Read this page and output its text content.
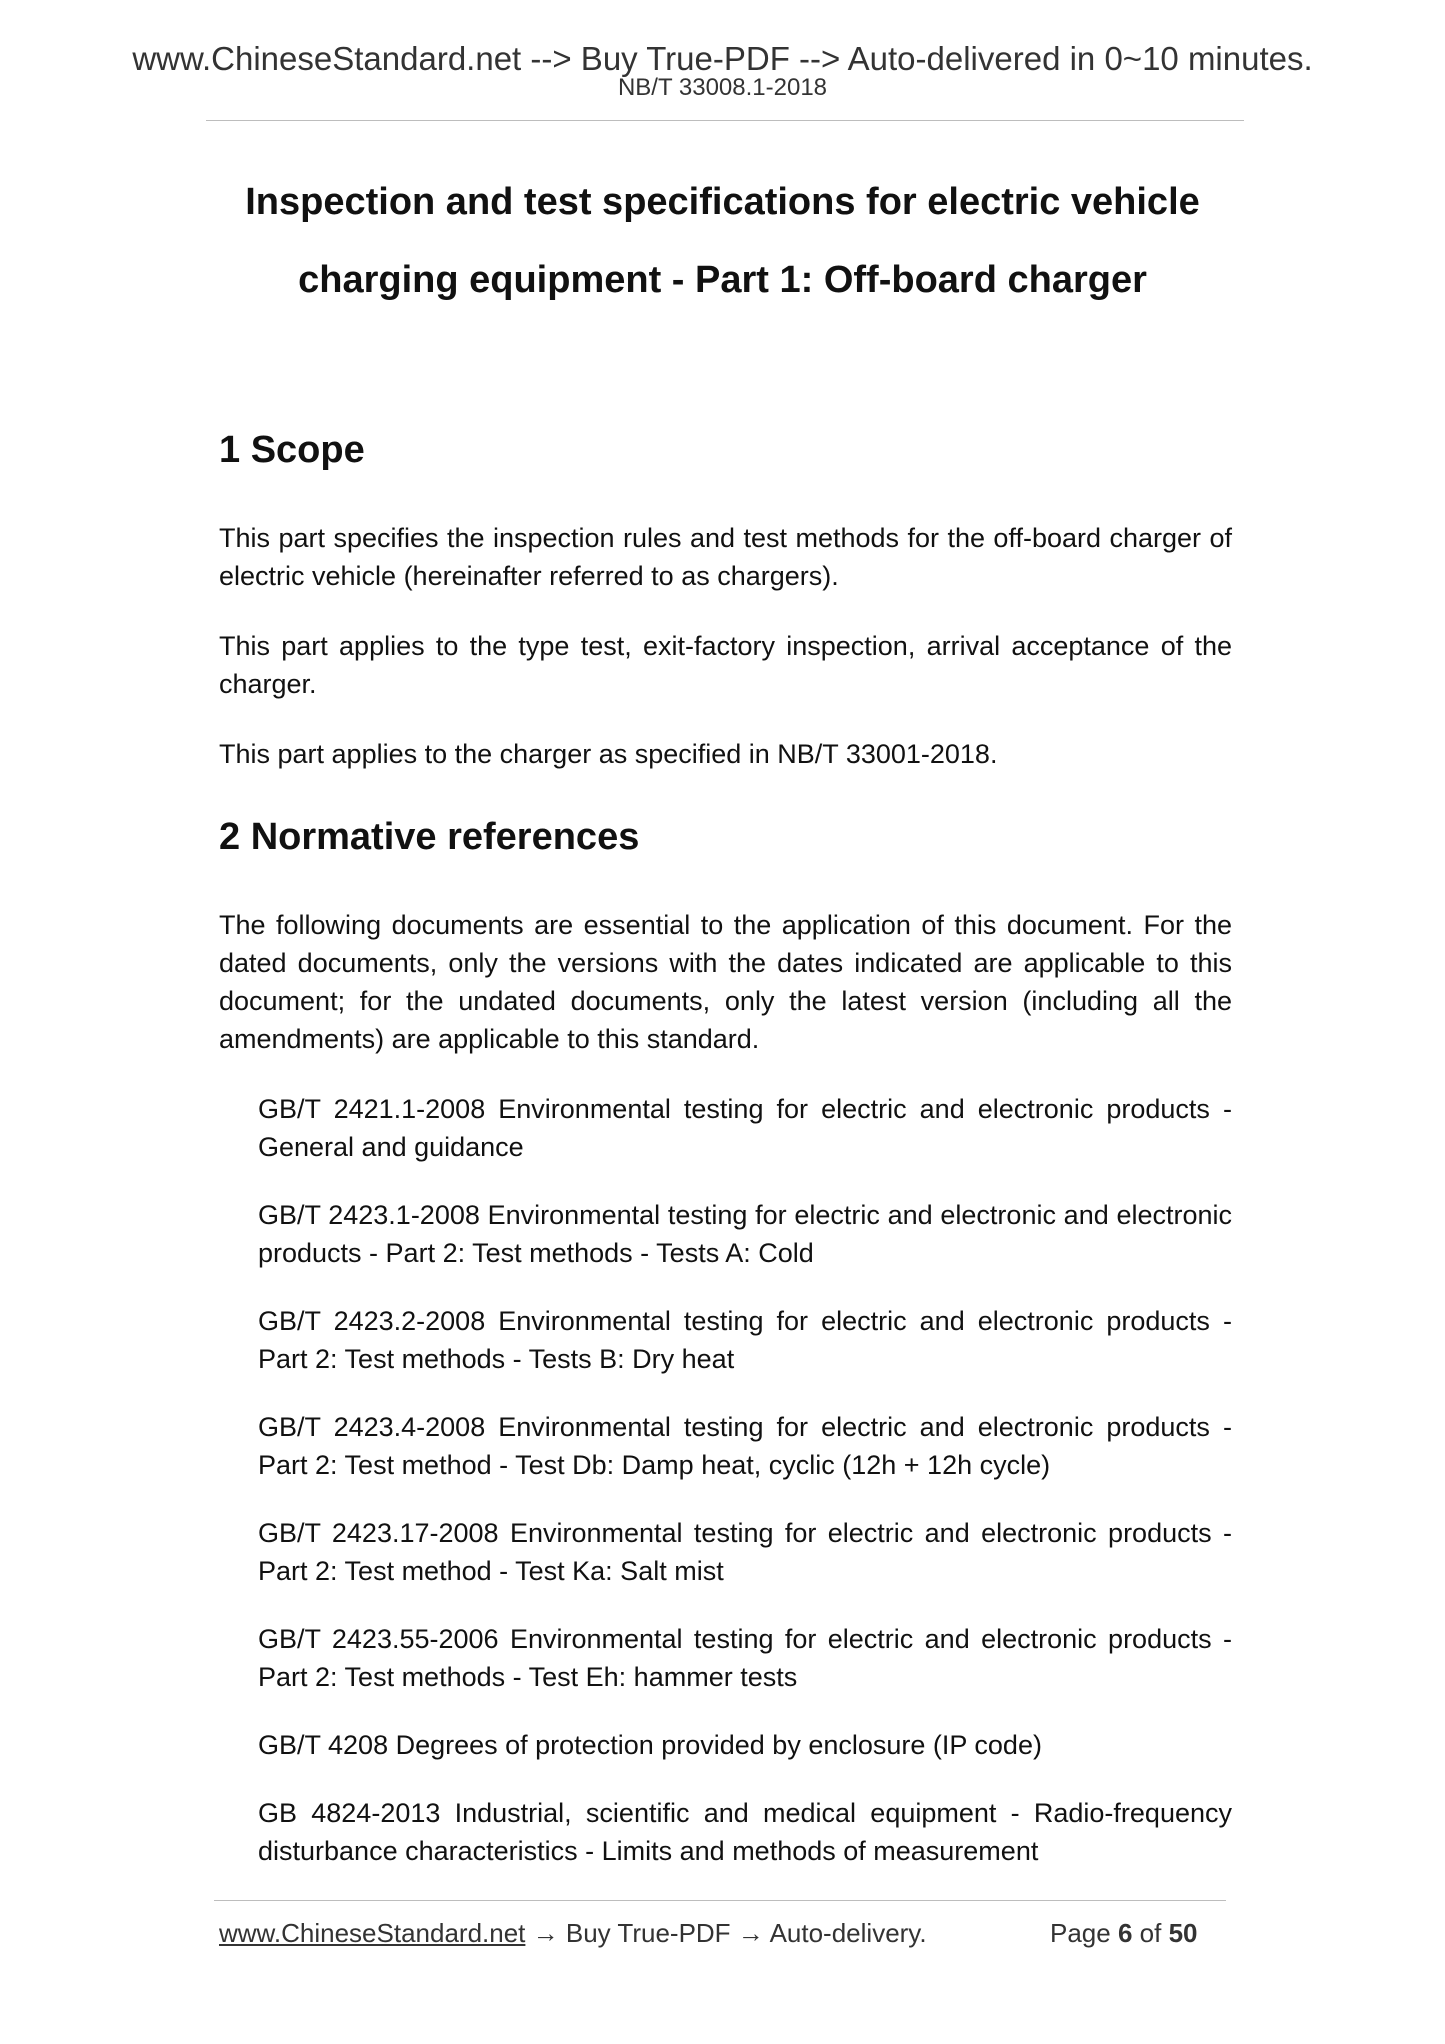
www.ChineseStandard.net --> Buy True-PDF --> Auto-delivered in 0~10 minutes.
NB/T 33008.1-2018
Inspection and test specifications for electric vehicle
charging equipment - Part 1: Off-board charger
1 Scope
This part specifies the inspection rules and test methods for the off-board charger of electric vehicle (hereinafter referred to as chargers).
This part applies to the type test, exit-factory inspection, arrival acceptance of the charger.
This part applies to the charger as specified in NB/T 33001-2018.
2 Normative references
The following documents are essential to the application of this document. For the dated documents, only the versions with the dates indicated are applicable to this document; for the undated documents, only the latest version (including all the amendments) are applicable to this standard.
GB/T 2421.1-2008 Environmental testing for electric and electronic products - General and guidance
GB/T 2423.1-2008 Environmental testing for electric and electronic and electronic products - Part 2: Test methods - Tests A: Cold
GB/T 2423.2-2008 Environmental testing for electric and electronic products - Part 2: Test methods - Tests B: Dry heat
GB/T 2423.4-2008 Environmental testing for electric and electronic products - Part 2: Test method - Test Db: Damp heat, cyclic (12h + 12h cycle)
GB/T 2423.17-2008 Environmental testing for electric and electronic products - Part 2: Test method - Test Ka: Salt mist
GB/T 2423.55-2006 Environmental testing for electric and electronic products - Part 2: Test methods - Test Eh: hammer tests
GB/T 4208 Degrees of protection provided by enclosure (IP code)
GB 4824-2013 Industrial, scientific and medical equipment - Radio-frequency disturbance characteristics - Limits and methods of measurement
www.ChineseStandard.net → Buy True-PDF → Auto-delivery.	Page 6 of 50
